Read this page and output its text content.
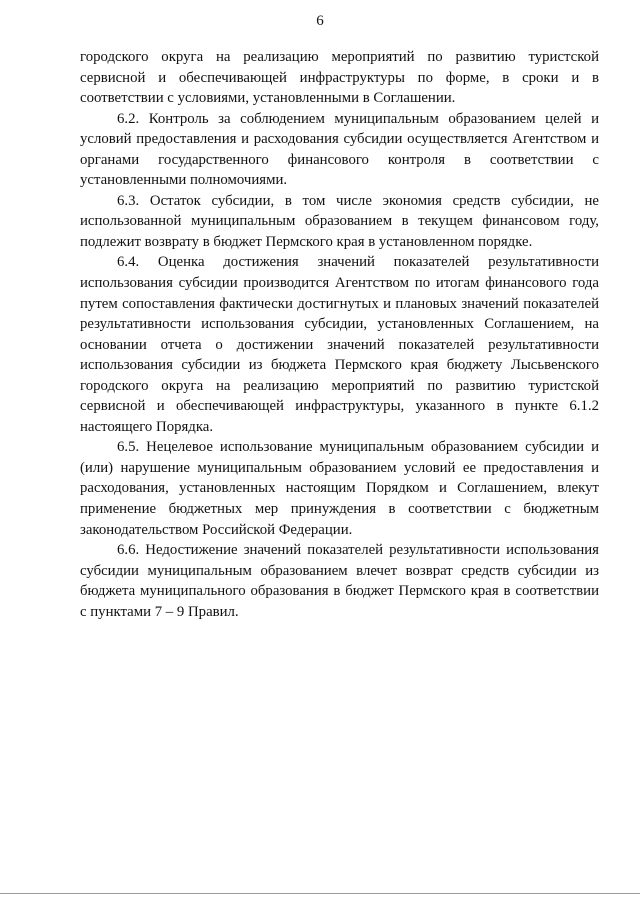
6

городского округа на реализацию мероприятий по развитию туристской сервисной и обеспечивающей инфраструктуры по форме, в сроки и в соответствии с условиями, установленными в Соглашении.

6.2. Контроль за соблюдением муниципальным образованием целей и условий предоставления и расходования субсидии осуществляется Агентством и органами государственного финансового контроля в соответствии с установленными полномочиями.

6.3. Остаток субсидии, в том числе экономия средств субсидии, не использованной муниципальным образованием в текущем финансовом году, подлежит возврату в бюджет Пермского края в установленном порядке.

6.4. Оценка достижения значений показателей результативности использования субсидии производится Агентством по итогам финансового года путем сопоставления фактически достигнутых и плановых значений показателей результативности использования субсидии, установленных Соглашением, на основании отчета о достижении значений показателей результативности использования субсидии из бюджета Пермского края бюджету Лысьвенского городского округа на реализацию мероприятий по развитию туристской сервисной и обеспечивающей инфраструктуры, указанного в пункте 6.1.2 настоящего Порядка.

6.5. Нецелевое использование муниципальным образованием субсидии и (или) нарушение муниципальным образованием условий ее предоставления и расходования, установленных настоящим Порядком и Соглашением, влекут применение бюджетных мер принуждения в соответствии с бюджетным законодательством Российской Федерации.

6.6. Недостижение значений показателей результативности использования субсидии муниципальным образованием влечет возврат средств субсидии из бюджета муниципального образования в бюджет Пермского края в соответствии с пунктами 7 – 9 Правил.
